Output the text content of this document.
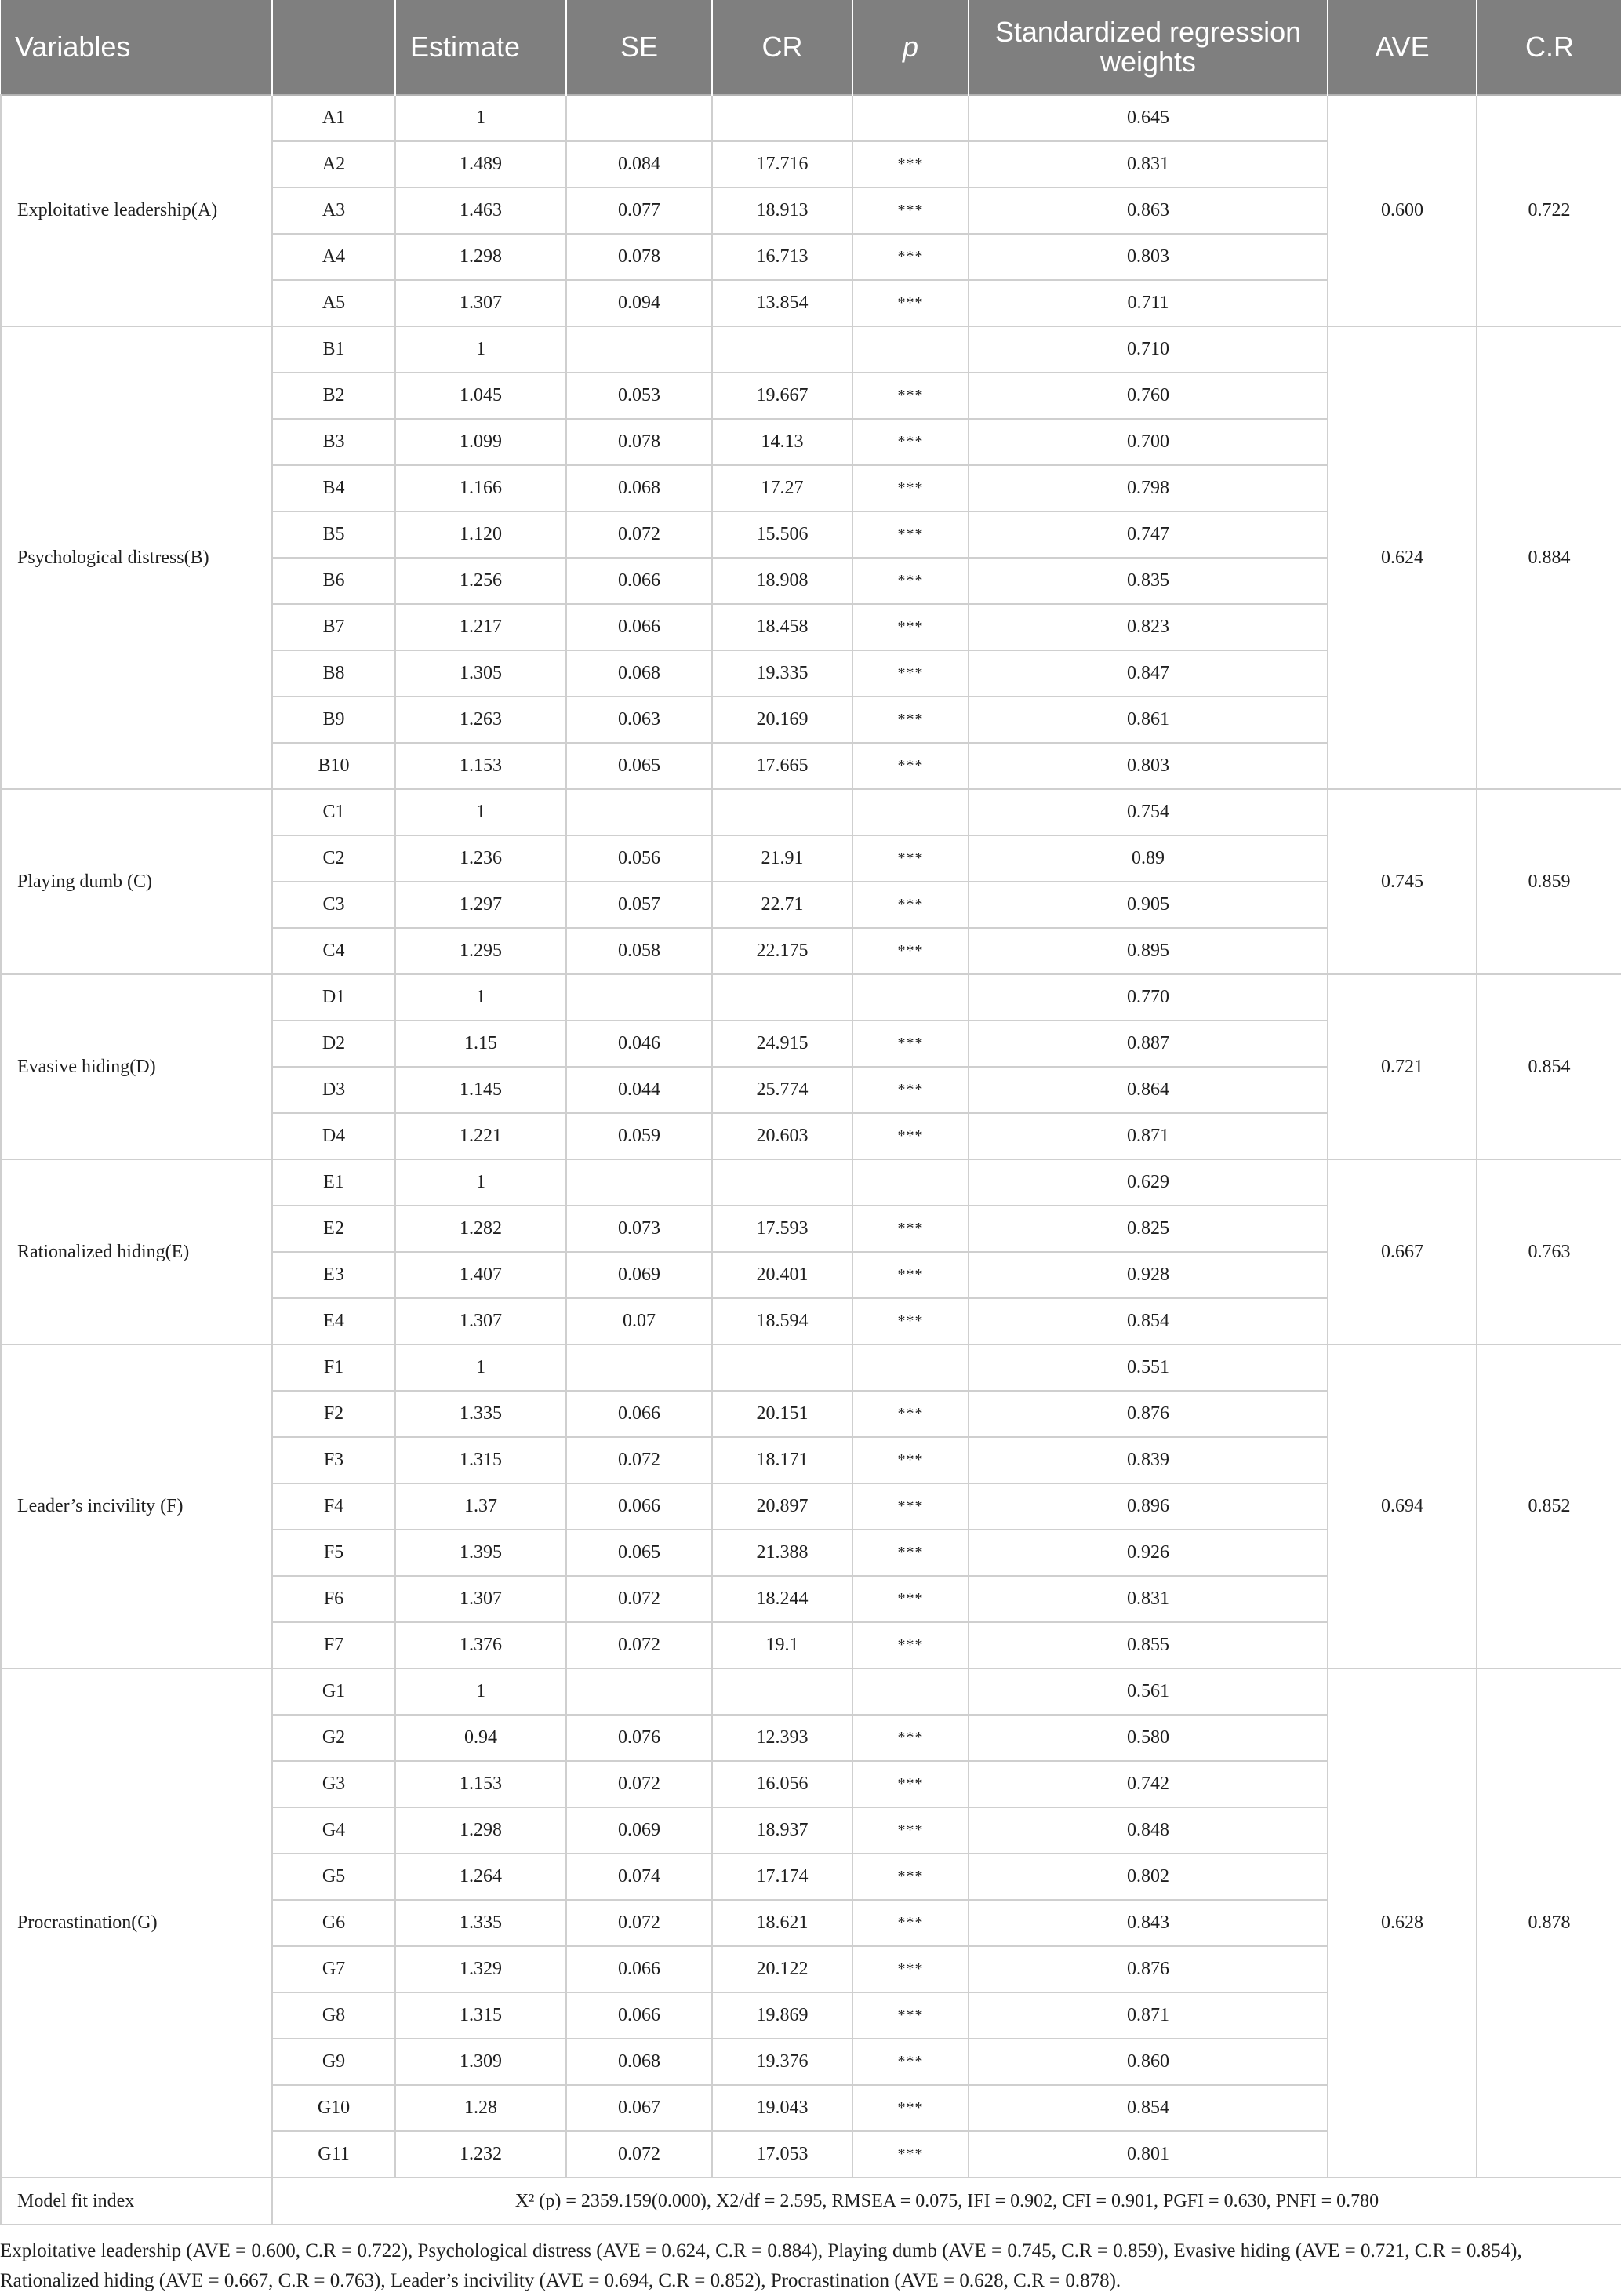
Variables		Estimate	SE	CR	p	Standardized regression weights	AVE	C.R
Exploitative leadership(A)	A1	1				0.645	0.600	0.722
	A2	1.489	0.084	17.716	***	0.831		
	A3	1.463	0.077	18.913	***	0.863		
	A4	1.298	0.078	16.713	***	0.803		
	A5	1.307	0.094	13.854	***	0.711		
Psychological distress(B)	B1	1				0.710	0.624	0.884
	B2	1.045	0.053	19.667	***	0.760		
	B3	1.099	0.078	14.13	***	0.700		
	B4	1.166	0.068	17.27	***	0.798		
	B5	1.120	0.072	15.506	***	0.747		
	B6	1.256	0.066	18.908	***	0.835		
	B7	1.217	0.066	18.458	***	0.823		
	B8	1.305	0.068	19.335	***	0.847		
	B9	1.263	0.063	20.169	***	0.861		
	B10	1.153	0.065	17.665	***	0.803		
Playing dumb (C)	C1	1				0.754	0.745	0.859
	C2	1.236	0.056	21.91	***	0.89		
	C3	1.297	0.057	22.71	***	0.905		
	C4	1.295	0.058	22.175	***	0.895		
Evasive hiding(D)	D1	1				0.770	0.721	0.854
	D2	1.15	0.046	24.915	***	0.887		
	D3	1.145	0.044	25.774	***	0.864		
	D4	1.221	0.059	20.603	***	0.871		
Rationalized hiding(E)	E1	1				0.629	0.667	0.763
	E2	1.282	0.073	17.593	***	0.825		
	E3	1.407	0.069	20.401	***	0.928		
	E4	1.307	0.07	18.594	***	0.854		
Leader’s incivility (F)	F1	1				0.551	0.694	0.852
	F2	1.335	0.066	20.151	***	0.876		
	F3	1.315	0.072	18.171	***	0.839		
	F4	1.37	0.066	20.897	***	0.896		
	F5	1.395	0.065	21.388	***	0.926		
	F6	1.307	0.072	18.244	***	0.831		
	F7	1.376	0.072	19.1	***	0.855		
Procrastination(G)	G1	1				0.561	0.628	0.878
	G2	0.94	0.076	12.393	***	0.580		
	G3	1.153	0.072	16.056	***	0.742		
	G4	1.298	0.069	18.937	***	0.848		
	G5	1.264	0.074	17.174	***	0.802		
	G6	1.335	0.072	18.621	***	0.843		
	G7	1.329	0.066	20.122	***	0.876		
	G8	1.315	0.066	19.869	***	0.871		
	G9	1.309	0.068	19.376	***	0.860		
	G10	1.28	0.067	19.043	***	0.854		
	G11	1.232	0.072	17.053	***	0.801		
Model fit index	X² (p) = 2359.159(0.000), X2/df = 2.595, RMSEA = 0.075, IFI = 0.902, CFI = 0.901, PGFI = 0.630, PNFI = 0.780							

Exploitative leadership (AVE = 0.600, C.R = 0.722), Psychological distress (AVE = 0.624, C.R = 0.884), Playing dumb (AVE = 0.745, C.R = 0.859), Evasive hiding (AVE = 0.721, C.R = 0.854), Rationalized hiding (AVE = 0.667, C.R = 0.763), Leader’s incivility (AVE = 0.694, C.R = 0.852), Procrastination (AVE = 0.628, C.R = 0.878).
